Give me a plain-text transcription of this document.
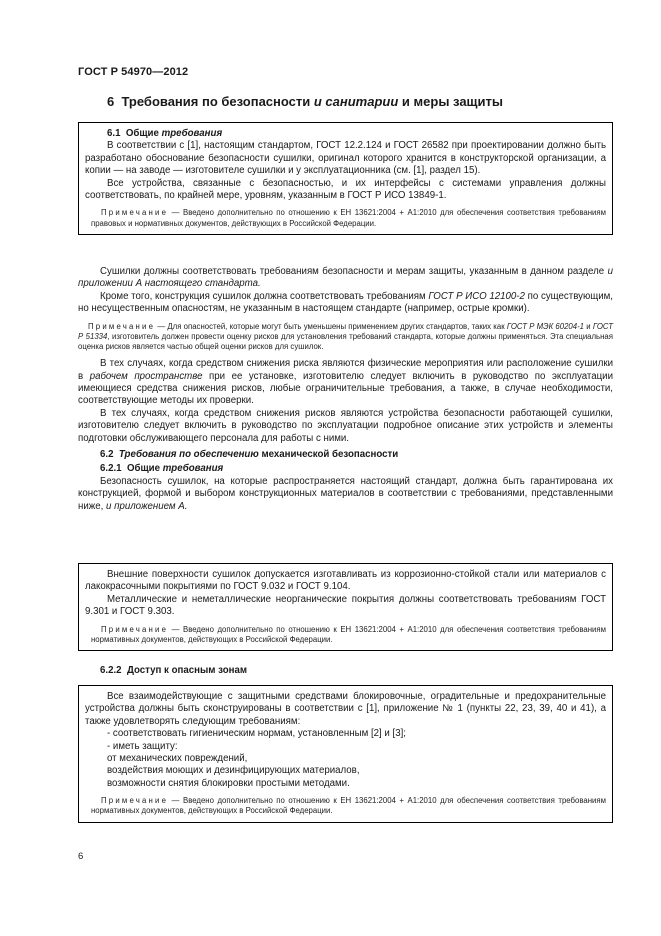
ГОСТ Р 54970—2012
6 Требования по безопасности и санитарии и меры защиты

6.1 Общие требования

В соответствии с [1], настоящим стандартом, ГОСТ 12.2.124 и ГОСТ 26582 при проектировании должно быть разработано обоснование безопасности сушилки, оригинал которого хранится в конструкторской организации, а копии — на заводе — изготовителе сушилки и у эксплуатационника (см. [1], раздел 15).

Все устройства, связанные с безопасностью, и их интерфейсы с системами управления должны соответствовать, по крайней мере, уровням, указанным в ГОСТ Р ИСО 13849-1.

Примечание — Введено дополнительно по отношению к ЕН 13621:2004 + А1:2010 для обеспечения соответствия требованиям правовых и нормативных документов, действующих в Российской Федерации.

Сушилки должны соответствовать требованиям безопасности и мерам защиты, указанным в данном разделе и приложении А настоящего стандарта.

Кроме того, конструкция сушилок должна соответствовать требованиям ГОСТ Р ИСО 12100-2 по существующим, но несущественным опасностям, не указанным в настоящем стандарте (например, острые кромки).

Примечание — Для опасностей, которые могут быть уменьшены применением других стандартов, таких как ГОСТ Р МЭК 60204-1 и ГОСТ Р 51334, изготовитель должен провести оценку рисков для установления требований стандарта, которые должны применяться. Эта специальная оценка рисков является частью общей оценки рисков для сушилок.

В тех случаях, когда средством снижения риска являются физические мероприятия или расположение сушилки в рабочем пространстве при ее установке, изготовителю следует включить в руководство по эксплуатации имеющиеся средства снижения рисков, любые ограничительные требования, а также, в случае необходимости, соответствующие методы их проверки.

В тех случаях, когда средством снижения рисков являются устройства безопасности работающей сушилки, изготовителю следует включить в руководство по эксплуатации подробное описание этих устройств и элементы подготовки обслуживающего персонала для работы с ними.

6.2 Требования по обеспечению механической безопасности

6.2.1 Общие требования

Безопасность сушилок, на которые распространяется настоящий стандарт, должна быть гарантирована их конструкцией, формой и выбором конструкционных материалов в соответствии с требованиями, представленными ниже, и приложением А.

Внешние поверхности сушилок допускается изготавливать из коррозионно-стойкой стали или материалов с лакокрасочными покрытиями по ГОСТ 9.032 и ГОСТ 9.104.

Металлические и неметаллические неорганические покрытия должны соответствовать требованиям ГОСТ 9.301 и ГОСТ 9.303.

Примечание — Введено дополнительно по отношению к ЕН 13621:2004 + А1:2010 для обеспечения соответствия требованиям нормативных документов, действующих в Российской Федерации.

6.2.2 Доступ к опасным зонам

Все взаимодействующие с защитными средствами блокировочные, оградительные и предохранительные устройства должны быть сконструированы в соответствии с [1], приложение № 1 (пункты 22, 23, 39, 40 и 41), а также удовлетворять следующим требованиям:

- соответствовать гигиеническим нормам, установленным [2] и [3];

- иметь защиту:

от механических повреждений,

воздействия моющих и дезинфицирующих материалов,

возможности снятия блокировки простыми методами.

Примечание — Введено дополнительно по отношению к ЕН 13621:2004 + А1:2010 для обеспечения соответствия требованиям нормативных документов, действующих в Российской Федерации.

6
